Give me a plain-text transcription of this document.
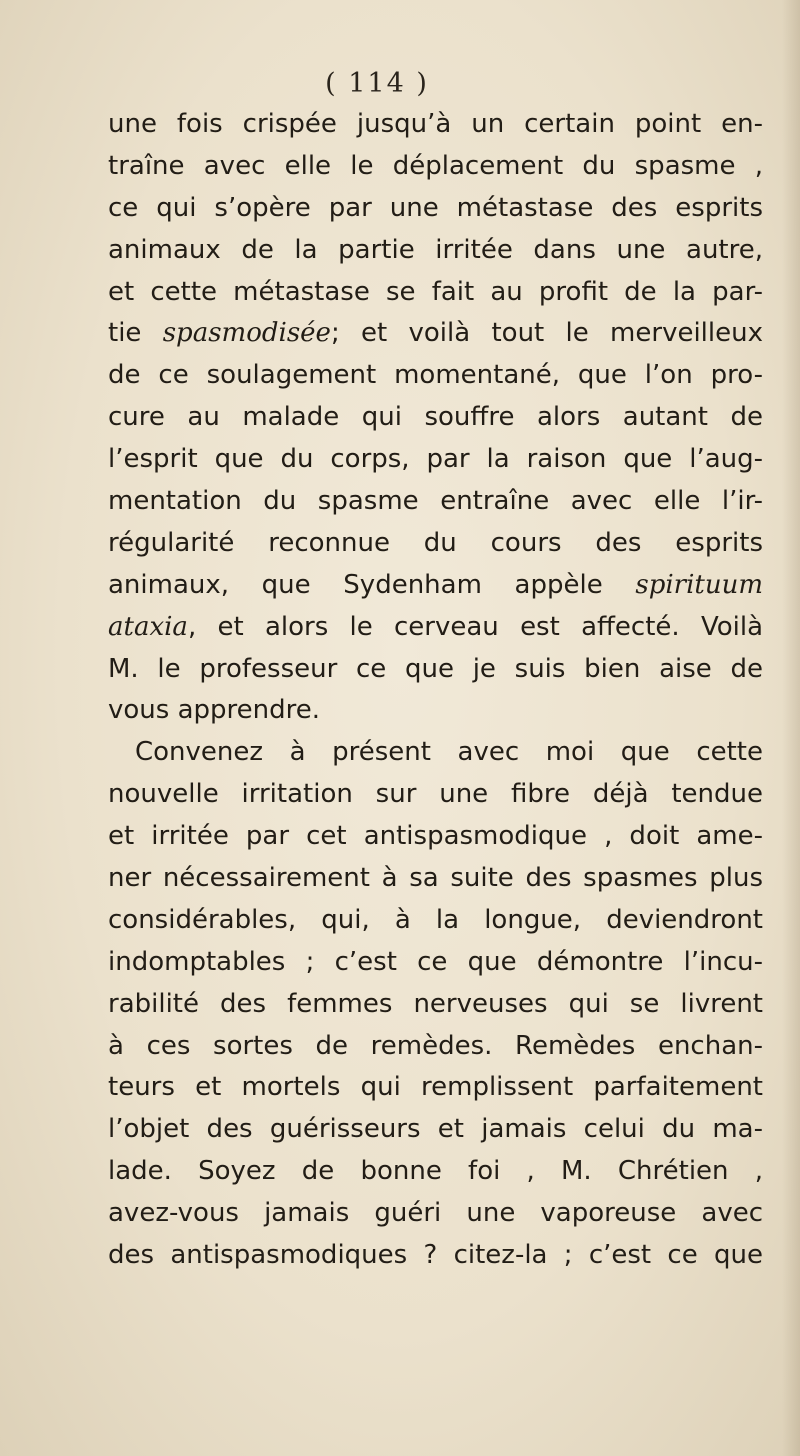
( 114 )
une fois crispée jusqu’à un certain point en-
traîne avec elle le déplacement du spasme ,
ce qui s’opère par une métastase des esprits
animaux de la partie irritée dans une autre,
et cette métastase se fait au profit de la par-
tie spasmodisée; et voilà tout le merveilleux
de ce soulagement momentané, que l’on pro-
cure au malade qui souffre alors autant de
l’esprit que du corps, par la raison que l’aug-
mentation du spasme entraîne avec elle l’ir-
régularité reconnue du cours des esprits
animaux, que Sydenham appèle spirituum
ataxia, et alors le cerveau est affecté. Voilà
M. le professeur ce que je suis bien aise de
vous apprendre.
Convenez à présent avec moi que cette
nouvelle irritation sur une fibre déjà tendue
et irritée par cet antispasmodique , doit ame-
ner nécessairement à sa suite des spasmes plus
considérables, qui, à la longue, deviendront
indomptables ; c’est ce que démontre l’incu-
rabilité des femmes nerveuses qui se livrent
à ces sortes de remèdes. Remèdes enchan-
teurs et mortels qui remplissent parfaitement
l’objet des guérisseurs et jamais celui du ma-
lade. Soyez de bonne foi , M. Chrétien ,
avez-vous jamais guéri une vaporeuse avec
des antispasmodiques ? citez-la ; c’est ce que
